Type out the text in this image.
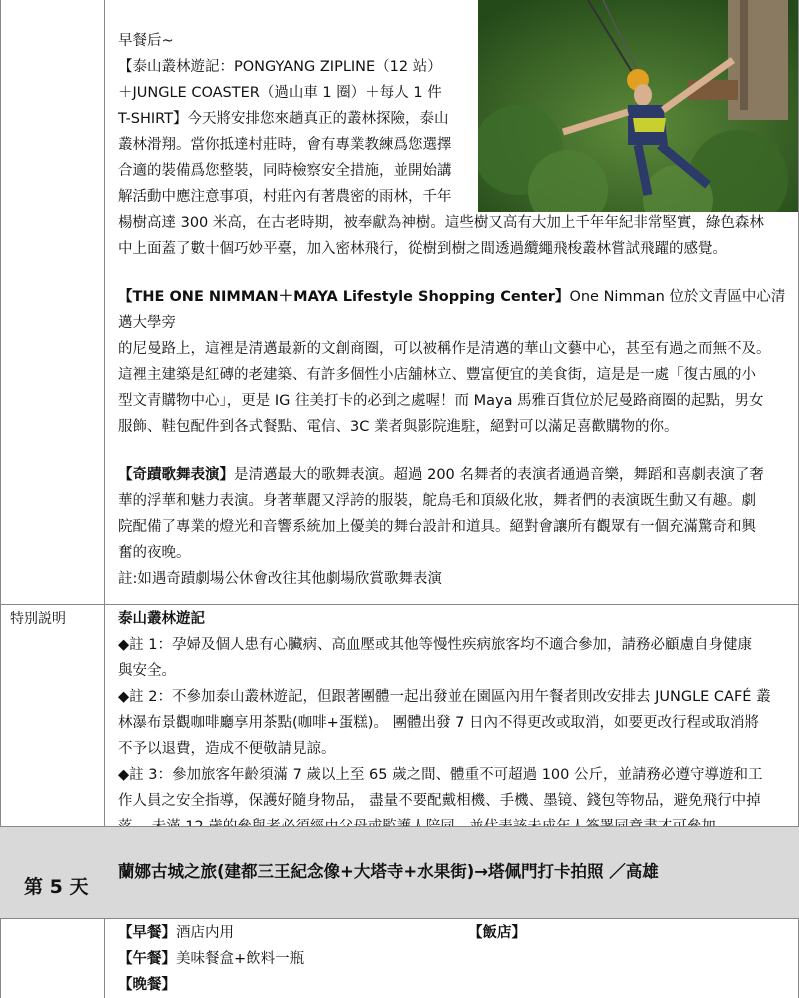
早餐后~

【泰山叢林遊記：PONGYANG ZIPLINE（12 站）

＋JUNGLE COASTER（過山車 1 圈）＋每人 1 件

T-SHIRT】今天將安排您來趟真正的叢林探險，泰山

叢林滑翔。當你抵達村莊時，會有專業教練爲您選擇

合適的裝備爲您整裝，同時檢察安全措施，並開始講

解活動中應注意事項，村莊內有著農密的雨林，千年

楊樹高達 300 米高，在古老時期，被奉獻為神樹。這些樹又高有大加上千年年紀非常堅實，綠色森林

中上面蓋了數十個巧妙平臺，加入密林飛行，從樹到樹之間透過纜繩飛梭叢林嘗試飛躍的感覺。

【THE ONE NIMMAN＋MAYA Lifestyle Shopping Center】One Nimman 位於文青區中心清邁大學旁

的尼曼路上，這裡是清邁最新的文創商圈，可以被稱作是清邁的華山文藝中心，甚至有過之而無不及。

這裡主建築是紅磚的老建築、有許多個性小店舖林立、豐富便宜的美食街，這是是一處「復古風的小

型文青購物中心」，更是 IG 往美打卡的必到之處喔！而 Maya 馬雅百貨位於尼曼路商圈的起點，男女

服飾、鞋包配件到各式餐點、電信、3C 業者與影院進駐，絕對可以滿足喜歡購物的你。

【奇蹟歌舞表演】是清邁最大的歌舞表演。超過 200 名舞者的表演者通過音樂，舞蹈和喜劇表演了奢

華的浮華和魅力表演。身著華麗又浮誇的服裝，鴕鳥毛和頂級化妝，舞者們的表演既生動又有趣。劇

院配備了專業的燈光和音響系統加上優美的舞台設計和道具。絕對會讓所有觀眾有一個充滿驚奇和興

奮的夜晚。

註:如遇奇蹟劇場公休會改往其他劇場欣賞歌舞表演

特別説明	泰山叢林遊記

◆註 1：孕婦及個人患有心臟病、高血壓或其他等慢性疾病旅客均不適合參加，請務必顧慮自身健康

與安全。

◆註 2：不參加泰山叢林遊記，但跟著團體一起出發並在園區內用午餐者則改安排去 JUNGLE CAFÉ 叢

林瀑布景觀咖啡廳享用茶點(咖啡+蛋糕)。 團體出發 7 日內不得更改或取消，如要更改行程或取消將

不予以退費，造成不便敬請見諒。

◆註 3：參加旅客年齡須滿 7 歲以上至 65 歲之間、體重不可超過 100 公斤，並請務必遵守導遊和工

作人員之安全指導，保護好隨身物品， 盡量不要配戴相機、手機、墨镜、錢包等物品，避免飛行中掉

第 5 天
蘭娜古城之旅(建都三王紀念像+大塔寺+水果街)→塔佩門打卡拍照 ／高雄
【早餐】酒店内用	【飯店】
【午餐】美味餐盒+飲料一瓶
【晚餐】
